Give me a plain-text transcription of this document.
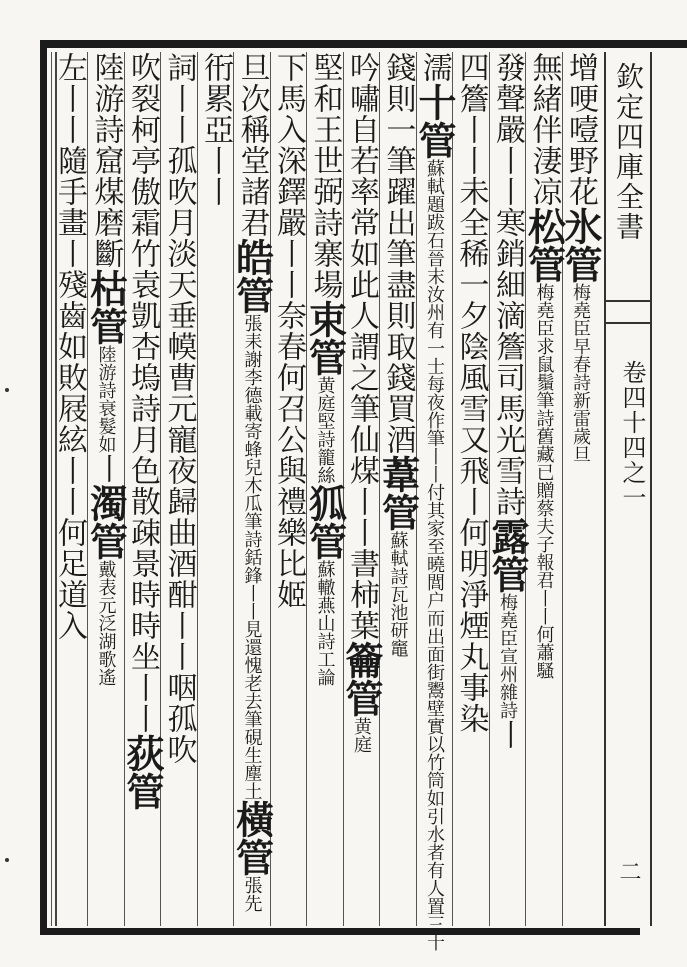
欽定四庫全書
卷四十四之一
二
增哽噎野花氷管梅堯臣早春詩新雷歲旦
無緒伴淒凉松管梅堯臣求鼠鬚筆詩舊藏已贈蔡夫子報君丨丨何蕭騷
發聲嚴丨丨寒銷細滴簷司馬光雪詩露管梅堯臣宣州雜詩丨
四簷丨丨未全稀一夕陰風雪又飛丨何明淨煙丸事染
濡十管蘇軾題跋石晉末汝州有一士每夜作筆丨丨付其家至曉閭户而出面街鬻壁實以竹筒如引水者有人置三十
錢則一筆躍出筆盡則取錢買酒葦管蘇軾詩瓦池研竈
吟嘯自若率常如此人謂之筆仙煤丨丨書柿葉籥管黄庭
堅和王世弼詩寨場束管黄庭堅詩籠絲狐管蘇轍燕山詩工論
下馬入深鐸嚴丨丨奈春何召公與禮樂比姬
旦次稱堂諸君皓管張耒謝李德載寄蜂兒木瓜筆詩銛鋒丨丨見還愧老去筆硯生塵土橫管張先
衎累亞丨丨
詞丨丨孤吹月淡天垂幙曹元寵夜歸曲酒酣丨丨咽孤吹
吹裂柯亭傲霜竹袁凱杏塢詩月色散疎景時時坐丨丨荻管
陸游詩窟煤磨斷枯管陸游詩衰髮如丨濁管戴表元泛湖歌遙
左丨丨隨手畫丨殘齒如敗屐絃丨丨何足道入
